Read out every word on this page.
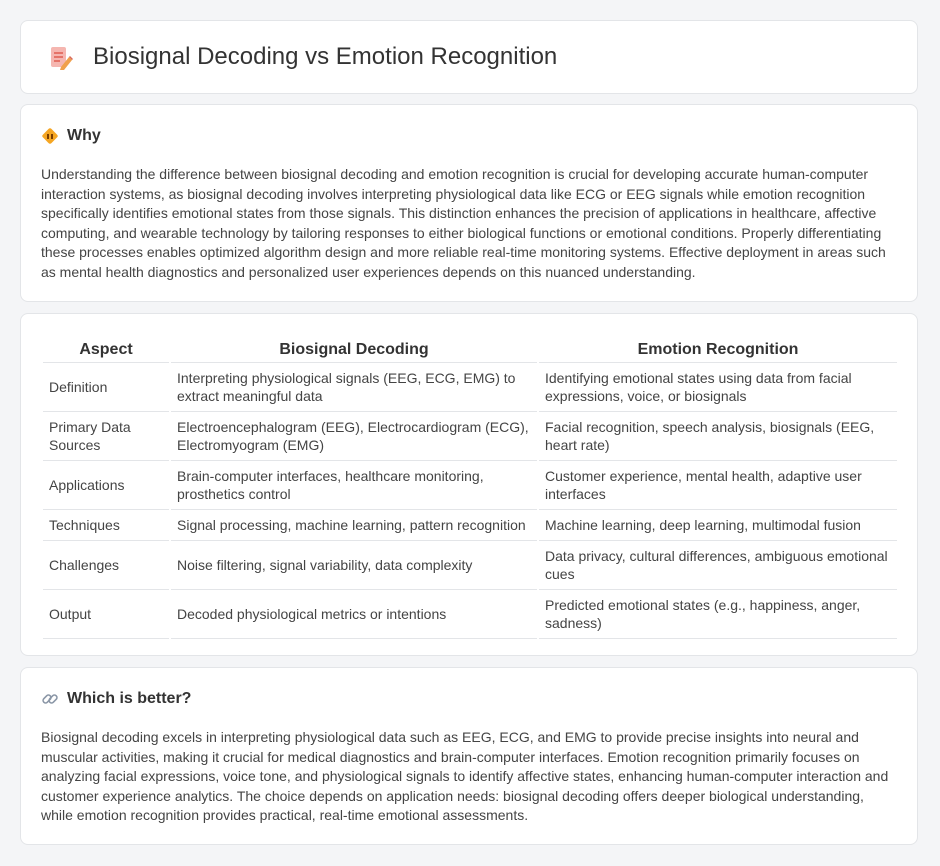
Biosignal Decoding vs Emotion Recognition
Why

Understanding the difference between biosignal decoding and emotion recognition is crucial for developing accurate human-computer interaction systems, as biosignal decoding involves interpreting physiological data like ECG or EEG signals while emotion recognition specifically identifies emotional states from those signals. This distinction enhances the precision of applications in healthcare, affective computing, and wearable technology by tailoring responses to either biological functions or emotional conditions. Properly differentiating these processes enables optimized algorithm design and more reliable real-time monitoring systems. Effective deployment in areas such as mental health diagnostics and personalized user experiences depends on this nuanced understanding.

Aspect	Biosignal Decoding	Emotion Recognition
Definition	Interpreting physiological signals (EEG, ECG, EMG) to extract meaningful data	Identifying emotional states using data from facial expressions, voice, or biosignals
Primary Data Sources	Electroencephalogram (EEG), Electrocardiogram (ECG), Electromyogram (EMG)	Facial recognition, speech analysis, biosignals (EEG, heart rate)
Applications	Brain-computer interfaces, healthcare monitoring, prosthetics control	Customer experience, mental health, adaptive user interfaces
Techniques	Signal processing, machine learning, pattern recognition	Machine learning, deep learning, multimodal fusion
Challenges	Noise filtering, signal variability, data complexity	Data privacy, cultural differences, ambiguous emotional cues
Output	Decoded physiological metrics or intentions	Predicted emotional states (e.g., happiness, anger, sadness)
Which is better?

Biosignal decoding excels in interpreting physiological data such as EEG, ECG, and EMG to provide precise insights into neural and muscular activities, making it crucial for medical diagnostics and brain-computer interfaces. Emotion recognition primarily focuses on analyzing facial expressions, voice tone, and physiological signals to identify affective states, enhancing human-computer interaction and customer experience analytics. The choice depends on application needs: biosignal decoding offers deeper biological understanding, while emotion recognition provides practical, real-time emotional assessments.
